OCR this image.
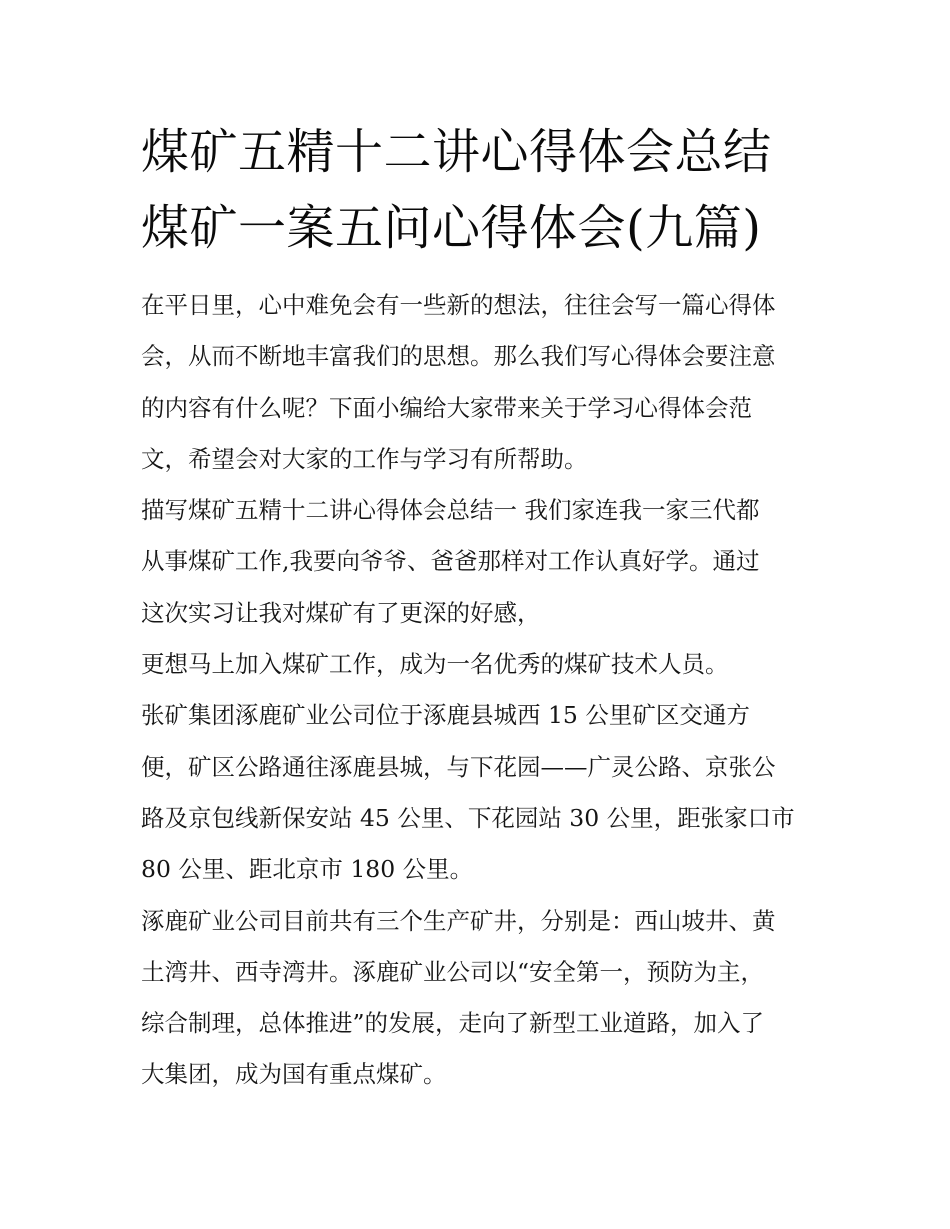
煤矿五精十二讲心得体会总结
煤矿一案五问心得体会(九篇)

在平日里，心中难免会有一些新的想法，往往会写一篇心得体
会，从而不断地丰富我们的思想。那么我们写心得体会要注意
的内容有什么呢？下面小编给大家带来关于学习心得体会范
文，希望会对大家的工作与学习有所帮助。

描写煤矿五精十二讲心得体会总结一 我们家连我一家三代都
从事煤矿工作,我要向爷爷、爸爸那样对工作认真好学。通过
这次实习让我对煤矿有了更深的好感，

更想马上加入煤矿工作，成为一名优秀的煤矿技术人员。

张矿集团涿鹿矿业公司位于涿鹿县城西 15 公里矿区交通方
便，矿区公路通往涿鹿县城，与下花园——广灵公路、京张公
路及京包线新保安站 45 公里、下花园站 30 公里，距张家口市
80 公里、距北京市 180 公里。

涿鹿矿业公司目前共有三个生产矿井，分别是：西山坡井、黄
土湾井、西寺湾井。涿鹿矿业公司以“安全第一，预防为主，
综合制理，总体推进”的发展，走向了新型工业道路，加入了
大集团，成为国有重点煤矿。
